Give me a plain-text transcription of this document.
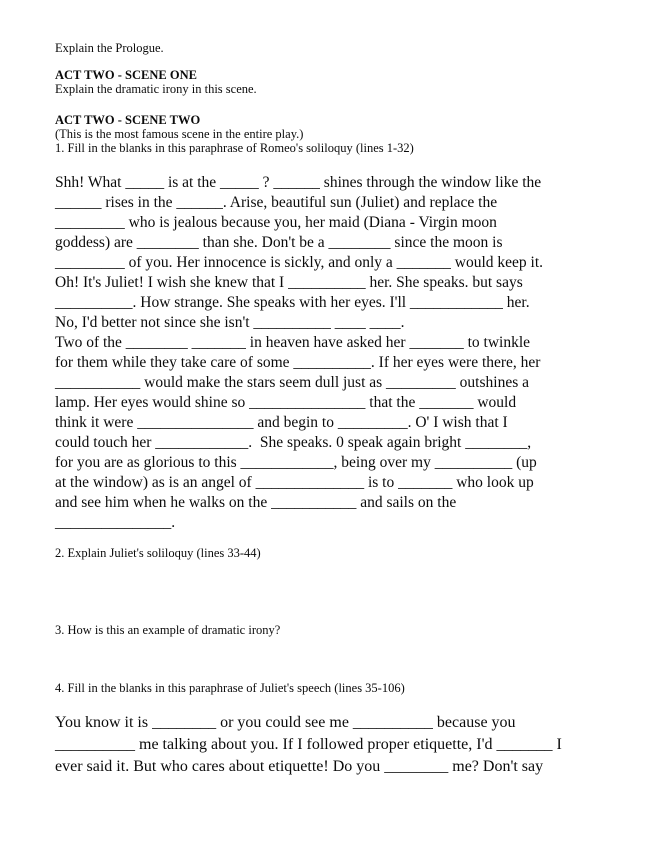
Explain the Prologue.
ACT TWO - SCENE ONE
Explain the dramatic irony in this scene.
ACT TWO - SCENE TWO
(This is the most famous scene in the entire play.)
1. Fill in the blanks in this paraphrase of Romeo's soliloquy (lines 1-32)
Shh! What _____ is at the _____ ? ______ shines through the window like the
______ rises in the ______. Arise, beautiful sun (Juliet) and replace the
_________ who is jealous because you, her maid (Diana - Virgin moon
goddess) are ________ than she. Don't be a ________ since the moon is
_________ of you. Her innocence is sickly, and only a _______ would keep it.
Oh! It's Juliet! I wish she knew that I __________ her. She speaks. but says
__________. How strange. She speaks with her eyes. I'll ____________ her.
No, I'd better not since she isn't __________ ____ ____.
Two of the ________ _______ in heaven have asked her _______ to twinkle
for them while they take care of some __________. If her eyes were there, her
___________ would make the stars seem dull just as _________ outshines a
lamp. Her eyes would shine so _______________ that the _______ would
think it were _______________ and begin to _________. O' I wish that I
could touch her ____________.  She speaks. 0 speak again bright ________,
for you are as glorious to this ____________, being over my __________ (up
at the window) as is an angel of ______________ is to _______ who look up
and see him when he walks on the ___________ and sails on the
_______________.
2. Explain Juliet's soliloquy (lines 33-44)
3. How is this an example of dramatic irony?
4. Fill in the blanks in this paraphrase of Juliet's speech (lines 35-106)
You know it is ________ or you could see me __________ because you
__________ me talking about you. If I followed proper etiquette, I'd _______ I
ever said it. But who cares about etiquette! Do you ________ me? Don't say
